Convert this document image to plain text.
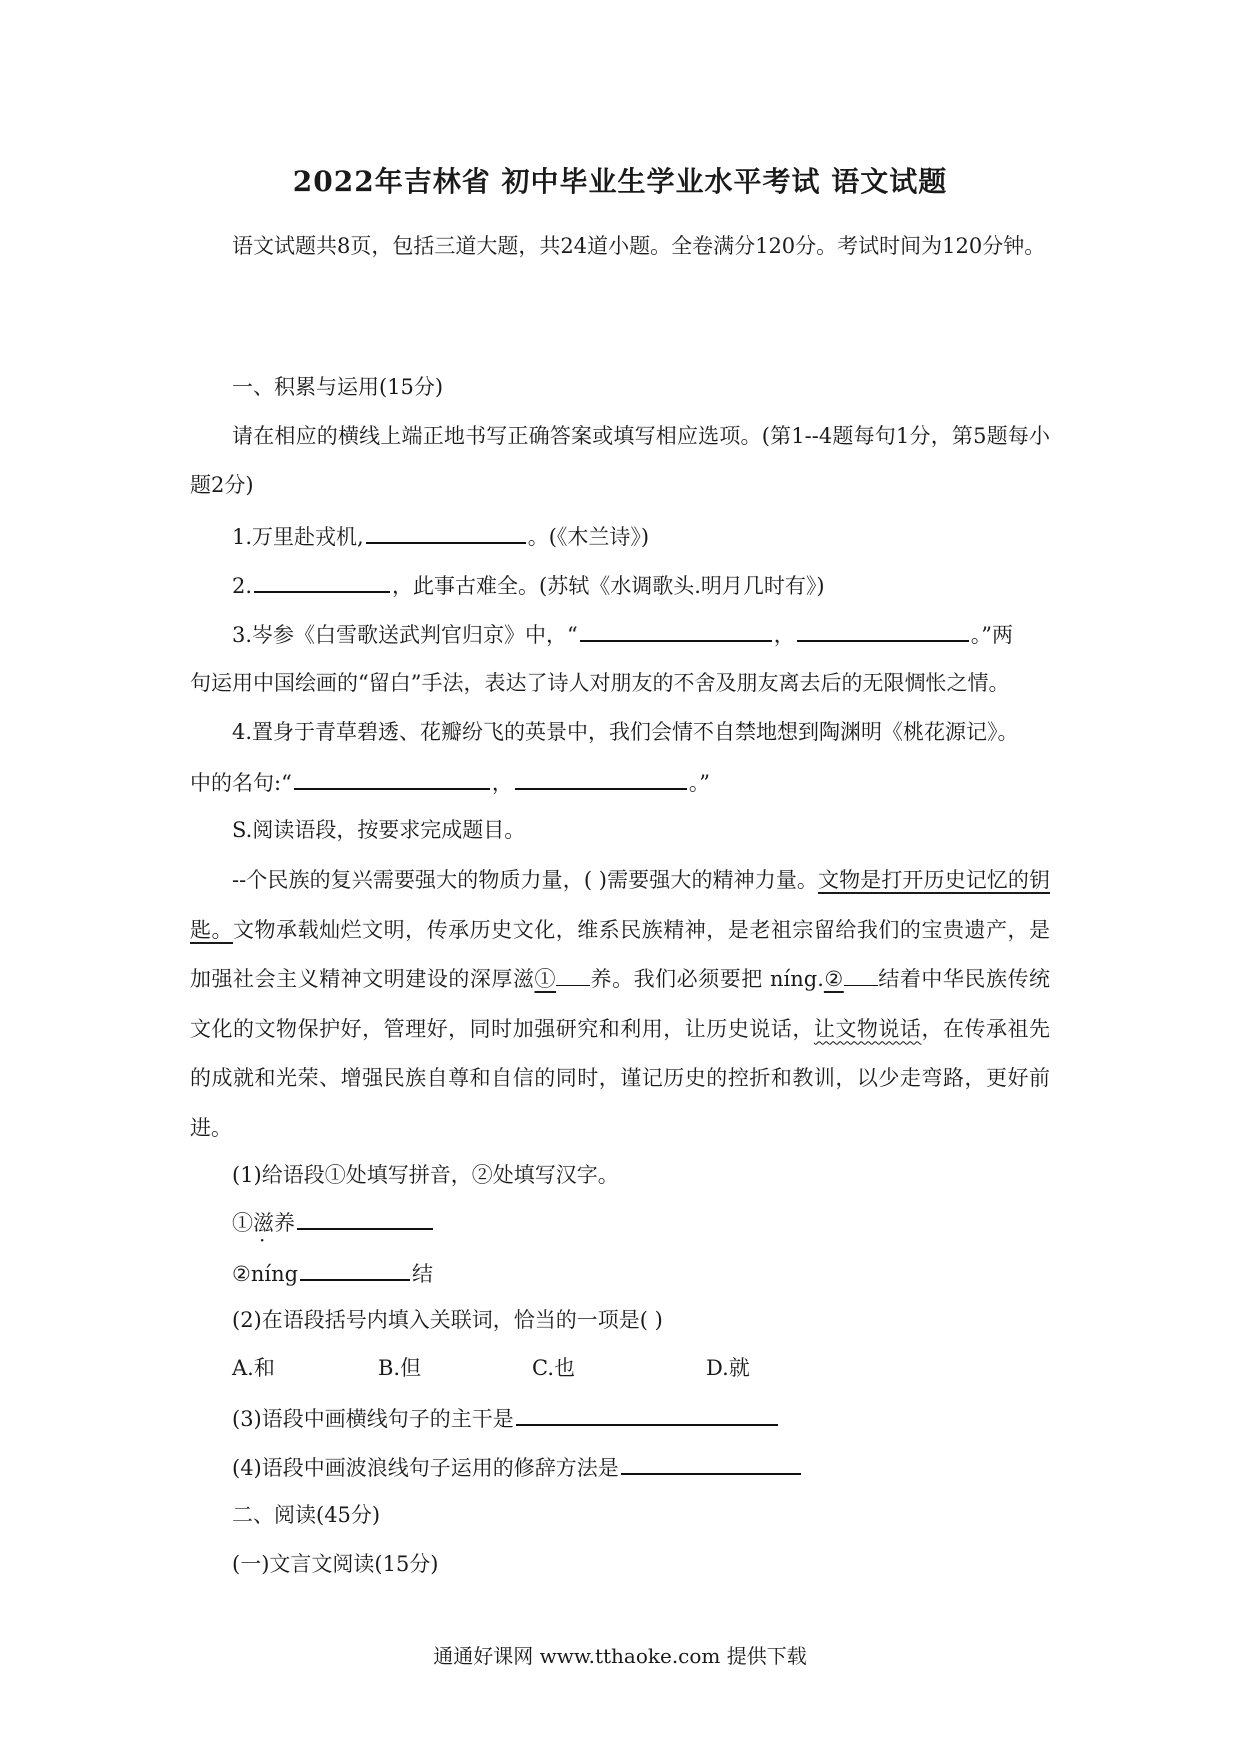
2022年吉林省 初中毕业生学业水平考试 语文试题
语文试题共8页，包括三道大题，共24道小题。全卷满分120分。考试时间为120分钟。
一、积累与运用(15分)
请在相应的横线上端正地书写正确答案或填写相应选项。(第1--4题每句1分，第5题每小题2分)
1.万里赴戎机,	。(《木兰诗》)
2.	，此事古难全。(苏轼《水调歌头.明月几时有》)
3.岑参《白雪歌送武判官归京》中，“	，	。”两
句运用中国绘画的“留白”手法，表达了诗人对朋友的不舍及朋友离去后的无限惆怅之情。
4.置身于青草碧透、花瓣纷飞的英景中，我们会情不自禁地想到陶渊明《桃花源记》。
中的名句:“	，	。”
S.阅读语段，按要求完成题目。
--个民族的复兴需要强大的物质力量，( )需要强大的精神力量。文物是打开历史记忆的钥匙。文物承载灿烂文明，传承历史文化，维系民族精神，是老祖宗留给我们的宝贵遗产，是加强社会主义精神文明建设的深厚滋① 养。我们必须要把 níng.② 结着中华民族传统文化的文物保护好，管理好，同时加强研究和利用，让历史说话，让文物说话，在传承祖先的成就和光荣、增强民族自尊和自信的同时，谨记历史的控折和教训，以少走弯路，更好前进。
(1)给语段①处填写拼音，②处填写汉字。
①滋养
②níng	结
(2)在语段括号内填入关联词，恰当的一项是( )
A.和	B.但	C.也	D.就
(3)语段中画横线句子的主干是
(4)语段中画波浪线句子运用的修辞方法是
二、阅读(45分)
(一)文言文阅读(15分)
通通好课网 www.tthaoke.com 提供下载
